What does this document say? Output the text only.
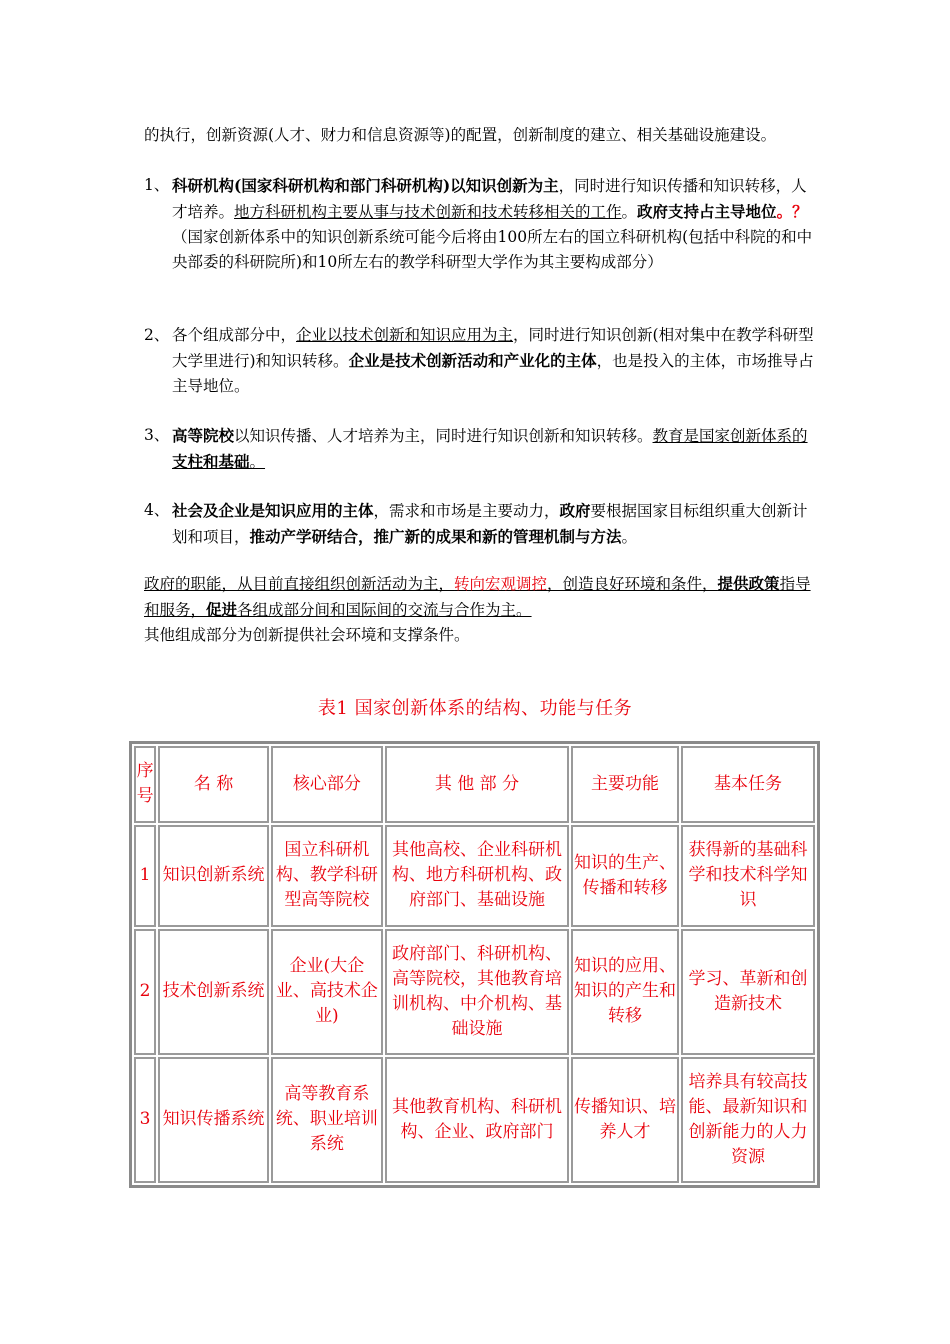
的执行，创新资源(人才、财力和信息资源等)的配置，创新制度的建立、相关基础设施建设。
1、 科研机构(国家科研机构和部门科研机构)以知识创新为主，同时进行知识传播和知识转移，人才培养。地方科研机构主要从事与技术创新和技术转移相关的工作。政府支持占主导地位。？（国家创新体系中的知识创新系统可能今后将由100所左右的国立科研机构(包括中科院的和中央部委的科研院所)和10所左右的教学科研型大学作为其主要构成部分）
2、 各个组成部分中，企业以技术创新和知识应用为主，同时进行知识创新(相对集中在教学科研型大学里进行)和知识转移。企业是技术创新活动和产业化的主体，也是投入的主体，市场推导占主导地位。
3、 高等院校以知识传播、人才培养为主，同时进行知识创新和知识转移。教育是国家创新体系的支柱和基础。
4、 社会及企业是知识应用的主体，需求和市场是主要动力，政府要根据国家目标组织重大创新计划和项目，推动产学研结合，推广新的成果和新的管理机制与方法。
政府的职能，从目前直接组织创新活动为主，转向宏观调控，创造良好环境和条件，提供政策指导和服务，促进各组成部分间和国际间的交流与合作为主。
其他组成部分为创新提供社会环境和支撑条件。
表1 国家创新体系的结构、功能与任务
序号	名 称	核心部分	其 他 部 分	主要功能	基本任务
1	知识创新系统	国立科研机构、教学科研型高等院校	其他高校、企业科研机构、地方科研机构、政府部门、基础设施	知识的生产、传播和转移	获得新的基础科学和技术科学知识
2	技术创新系统	企业(大企业、高技术企业)	政府部门、科研机构、高等院校，其他教育培训机构、中介机构、基础设施	知识的应用、知识的产生和转移	学习、革新和创造新技术
3	知识传播系统	高等教育系统、职业培训系统	其他教育机构、科研机构、企业、政府部门	传播知识、培养人才	培养具有较高技能、最新知识和创新能力的人力资源
